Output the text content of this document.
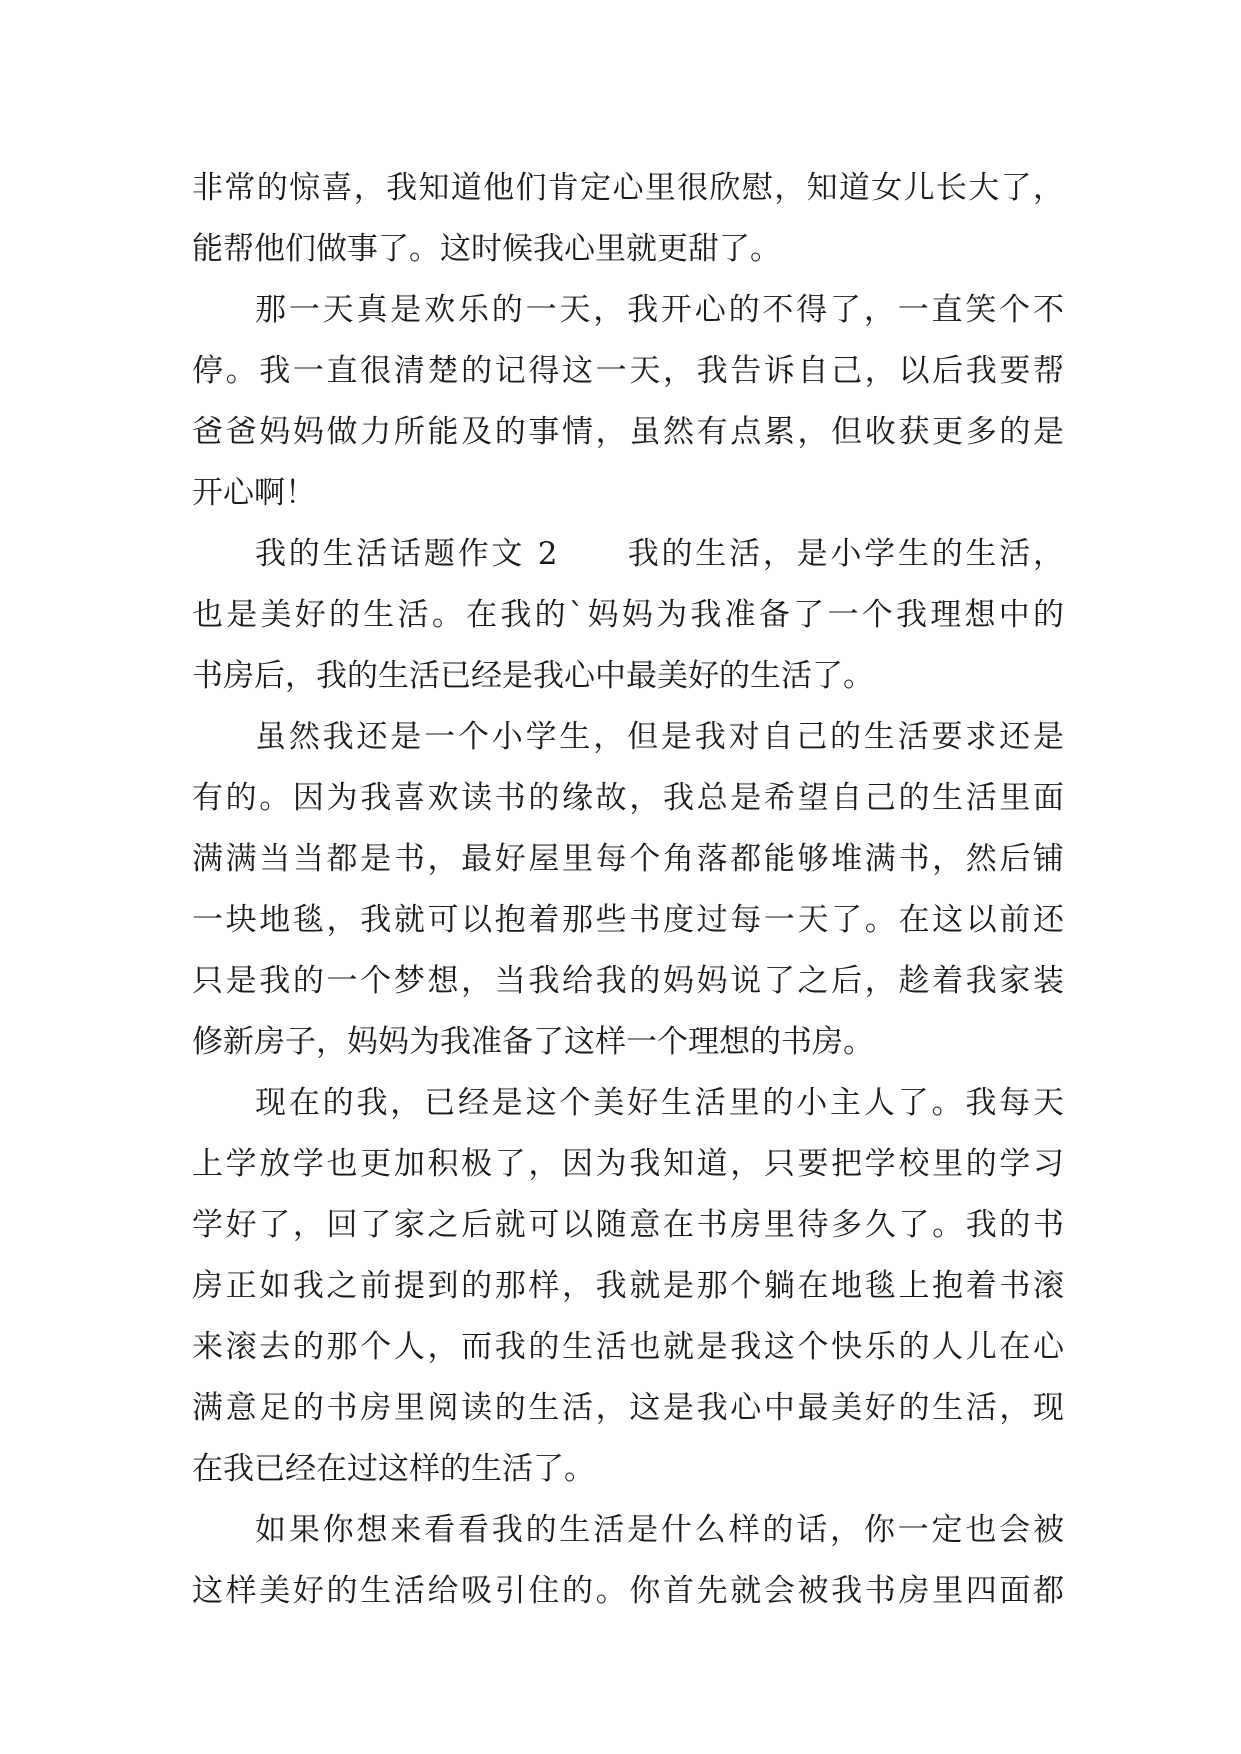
非常的惊喜，我知道他们肯定心里很欣慰，知道女儿长大了，
能帮他们做事了。这时候我心里就更甜了。
那一天真是欢乐的一天，我开心的不得了，一直笑个不
停。我一直很清楚的记得这一天，我告诉自己，以后我要帮
爸爸妈妈做力所能及的事情，虽然有点累，但收获更多的是
开心啊！
我的生活话题作文 2　　我的生活，是小学生的生活，
也是美好的生活。在我的`妈妈为我准备了一个我理想中的
书房后，我的生活已经是我心中最美好的生活了。
虽然我还是一个小学生，但是我对自己的生活要求还是
有的。因为我喜欢读书的缘故，我总是希望自己的生活里面
满满当当都是书，最好屋里每个角落都能够堆满书，然后铺
一块地毯，我就可以抱着那些书度过每一天了。在这以前还
只是我的一个梦想，当我给我的妈妈说了之后，趁着我家装
修新房子，妈妈为我准备了这样一个理想的书房。
现在的我，已经是这个美好生活里的小主人了。我每天
上学放学也更加积极了，因为我知道，只要把学校里的学习
学好了，回了家之后就可以随意在书房里待多久了。我的书
房正如我之前提到的那样，我就是那个躺在地毯上抱着书滚
来滚去的那个人，而我的生活也就是我这个快乐的人儿在心
满意足的书房里阅读的生活，这是我心中最美好的生活，现
在我已经在过这样的生活了。
如果你想来看看我的生活是什么样的话，你一定也会被
这样美好的生活给吸引住的。你首先就会被我书房里四面都
